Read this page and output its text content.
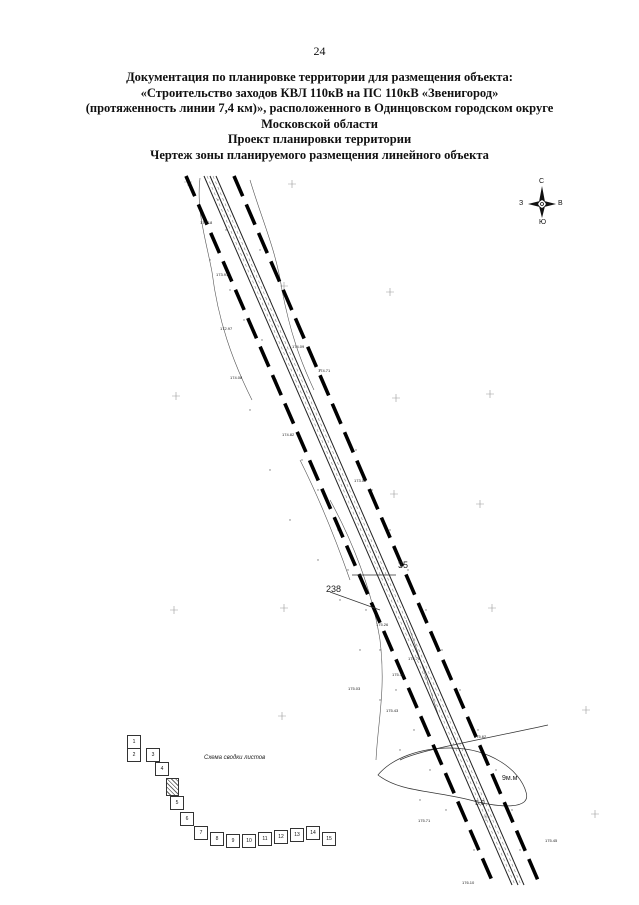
24
Документация по планировке территории для размещения объекта:
«Строительство заходов КВЛ 110кВ на ПС 110кВ «Звенигород»
(протяженность линии 7,4 км)», расположенного в Одинцовском городском округе
Московской области
Проект планировки территории
Чертеж зоны планируемого размещения линейного объекта
С
Ю
З	В
35
238
9м.м
5.0
173.18
173.91
172.97
174.09
174.71
174.82
174.08
173.15
175.26
175.76
175.72
175.03
175.43
175.62
175.71
175.45
176.10
Схема сводки листов
1
2	3
4
5
6
7
8	9	10	11	12	13	14
15
